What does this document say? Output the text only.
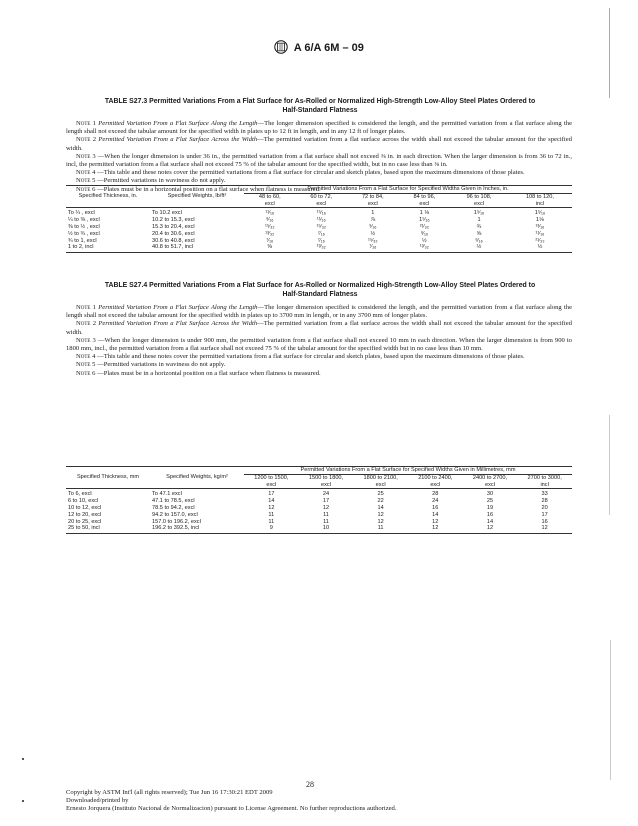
A 6/A 6M – 09
TABLE S27.3 Permitted Variations From a Flat Surface for As-Rolled or Normalized High-Strength Low-Alloy Steel Plates Ordered to
Half-Standard Flatness

Note 1 Permitted Variation From a Flat Surface Along the Length—The longer dimension specified is considered the length, and the permitted variation from a flat surface along the length shall not exceed the tabular amount for the specified width in plates up to 12 ft in length, and in any 12 ft of longer plates.

Note 2 Permitted Variation From a Flat Surface Across the Width—The permitted variation from a flat surface across the width shall not exceed the tabular amount for the specified width.

Note 3 —When the longer dimension is under 36 in., the permitted variation from a flat surface shall not exceed ⅜ in. in each direction. When the larger dimension is from 36 to 72 in., incl, the permitted variation from a flat surface shall not exceed 75 % of the tabular amount for the specified width, but in no case less than ⅜ in.

Note 4 —This table and these notes cover the permitted variations from a flat surface for circular and sketch plates, based upon the maximum dimensions of those plates.

Note 5 —Permitted variations in waviness do not apply.

Note 6 —Plates must be in a horizontal position on a flat surface when flatness is measured.

Specified Thickness, in.	Specified Weights, lb/ft²	Permitted Variations From a Flat Surface for Specified Widths Given in Inches, in.					
		48 to 60,	60 to 72,	72 to 84,	84 to 96,	96 to 108,	108 to 120,
		excl	excl	excl	excl	excl	incl
To ¼ , excl	To 10.2 excl	¹¹⁄₁₆	¹⁵⁄₁₆	1	1 ⅛	1⁵⁄₁₆	1⁵⁄₁₆
¼ to ⅜ , excl	10.2 to 15.3, excl	⁹⁄₁₆	¹¹⁄₁₆	⅞	1⁵⁄₁₆	1	1⅛
⅜ to ½ , excl	15.3 to 20.4, excl	¹⁵⁄₃₂	¹⁵⁄₃₂	⁹⁄₁₆	²¹⁄₃₂	¾	¹³⁄₁₆
½ to ¾ , excl	20.4 to 30.6, excl	¹³⁄₃₂	⁷⁄₁₆	½	⁹⁄₁₆	⅝	¹¹⁄₁₆
¾ to 1, excl	30.6 to 40.8, excl	⁷⁄₁₆	⁷⁄₁₆	¹⁵⁄₃₂	½	⁹⁄₁₆	²¹⁄₃₂
1 to 2, incl	40.8 to 51.7, incl	⅜	¹³⁄₃₂	⁷⁄₁₆	¹³⁄₃₂	½	½
TABLE S27.4 Permitted Variations From a Flat Surface for As-Rolled or Normalized High-Strength Low-Alloy Steel Plates Ordered to
Half-Standard Flatness

Note 1 Permitted Variation From a Flat Surface Along the Length—The longer dimension specified is considered the length, and the permitted variation from a flat surface along the length shall not exceed the tabular amount for the specified width in plates up to 3700 mm in length, or in any 3700 mm of longer plates.

Note 2 Permitted Variation From a Flat Surface Across the Width—The permitted variation from a flat surface across the width shall not exceed the tabular amount for the specified width.

Note 3 —When the longer dimension is under 900 mm, the permitted variation from a flat surface shall not exceed 10 mm in each direction. When the larger dimension is from 900 to 1800 mm, incl., the permitted variation from a flat surface shall not exceed 75 % of the tabular amount for the specified width but in no case less than 10 mm.

Note 4 —This table and these notes cover the permitted variations from a flat surface for circular and sketch plates, based upon the maximum dimensions of those plates.

Note 5 —Permitted variations in waviness do not apply.

Note 6 —Plates must be in a horizontal position on a flat surface when flatness is measured.

Specified Thickness, mm	Specified Weights, kg/m²	Permitted Variations From a Flat Surface for Specified Widths Given in Millimetres, mm					
		1200 to 1500,	1500 to 1800,	1800 to 2100,	2100 to 2400,	2400 to 2700,	2700 to 3000,
		excl	excl	excl	excl	excl	incl
To 6, excl	To 47.1 excl	17	24	25	28	30	33
6 to 10, excl	47.1 to 78.5, excl	14	17	22	24	25	28
10 to 12, excl	78.5 to 94.2, excl	12	12	14	16	19	20
12 to 20, excl	94.2 to 157.0, excl	11	11	12	14	16	17
20 to 25, excl	157.0 to 196.2, excl	11	11	12	12	14	16
25 to 50, incl	196.2 to 392.5, incl	9	10	11	12	12	12
28
Copyright by ASTM Int'l (all rights reserved); Tue Jun 16 17:30:21 EDT 2009
Downloaded/printed by
Ernesto Jorquera (Instituto Nacional de Normalizacion) pursuant to License Agreement. No further reproductions authorized.
